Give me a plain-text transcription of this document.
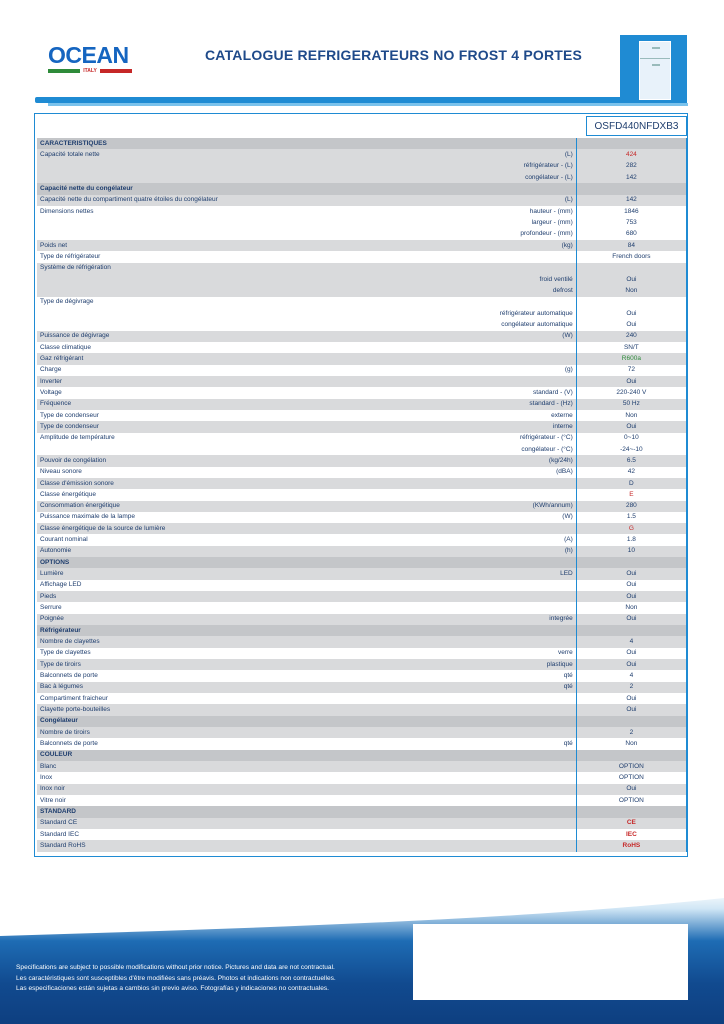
OCEAN
ITALY
CATALOGUE REFRIGERATEURS NO FROST 4 PORTES
OSFD440NFDXB3
CARACTERISTIQUES		
Capacité totale nette	(L)	424
	réfrigérateur - (L)	282
	congélateur - (L)	142
Capacité nette du congélateur		
Capacité nette du compartiment quatre étoiles du congélateur	(L)	142
Dimensions nettes	hauteur - (mm)	1846
	largeur - (mm)	753
	profondeur - (mm)	680
Poids net	(kg)	84
Type de réfrigérateur		French doors
Système de réfrigération		
	froid ventilé	Oui
	defrost	Non
Type de dégivrage		
	réfrigérateur automatique	Oui
	congélateur automatique	Oui
Puissance de dégivrage	(W)	240
Classe climatique		SN/T
Gaz réfrigérant		R600a
Charge	(g)	72
Inverter		Oui
Voltage	standard - (V)	220-240 V
Fréquence	standard - (Hz)	50 Hz
Type de condenseur	externe	Non
Type de condenseur	interne	Oui
Amplitude de température	réfrigérateur - (°C)	0~10
	congélateur - (°C)	-24~-10
Pouvoir de congélation	(kg/24h)	6.5
Niveau sonore	(dBA)	42
Classe d'émission sonore		D
Classe énergétique		E
Consommation énergétique	(KWh/annum)	280
Puissance maximale de la lampe	(W)	1.5
Classe énergétique de la source de lumière		G
Courant nominal	(A)	1.8
Autonomie	(h)	10
OPTIONS		
Lumière	LED	Oui
Affichage LED		Oui
Pieds		Oui
Serrure		Non
Poignée	integrée	Oui
Réfrigérateur		
Nombre de clayettes		4
Type de clayettes	verre	Oui
Type de tiroirs	plastique	Oui
Balconnets de porte	qté	4
Bac à légumes	qté	2
Compartiment fraicheur		Oui
Clayette porte-bouteilles		Oui
Congélateur		
Nombre de tiroirs		2
Balconnets de porte	qté	Non
COULEUR		
Blanc		OPTION
Inox		OPTION
Inox noir		Oui
Vitre noir		OPTION
STANDARD		
Standard CE		CE
Standard IEC		IEC
Standard RoHS		RoHS
Specifications are subject to possible modifications without prior notice. Pictures and data are not contractual.
Les caractéristiques sont susceptibles d'être modifiées sans préavis. Photos et indications non contractuelles.
Las especificaciones están sujetas a cambios sin previo aviso. Fotografías y indicaciones no contractuales.
